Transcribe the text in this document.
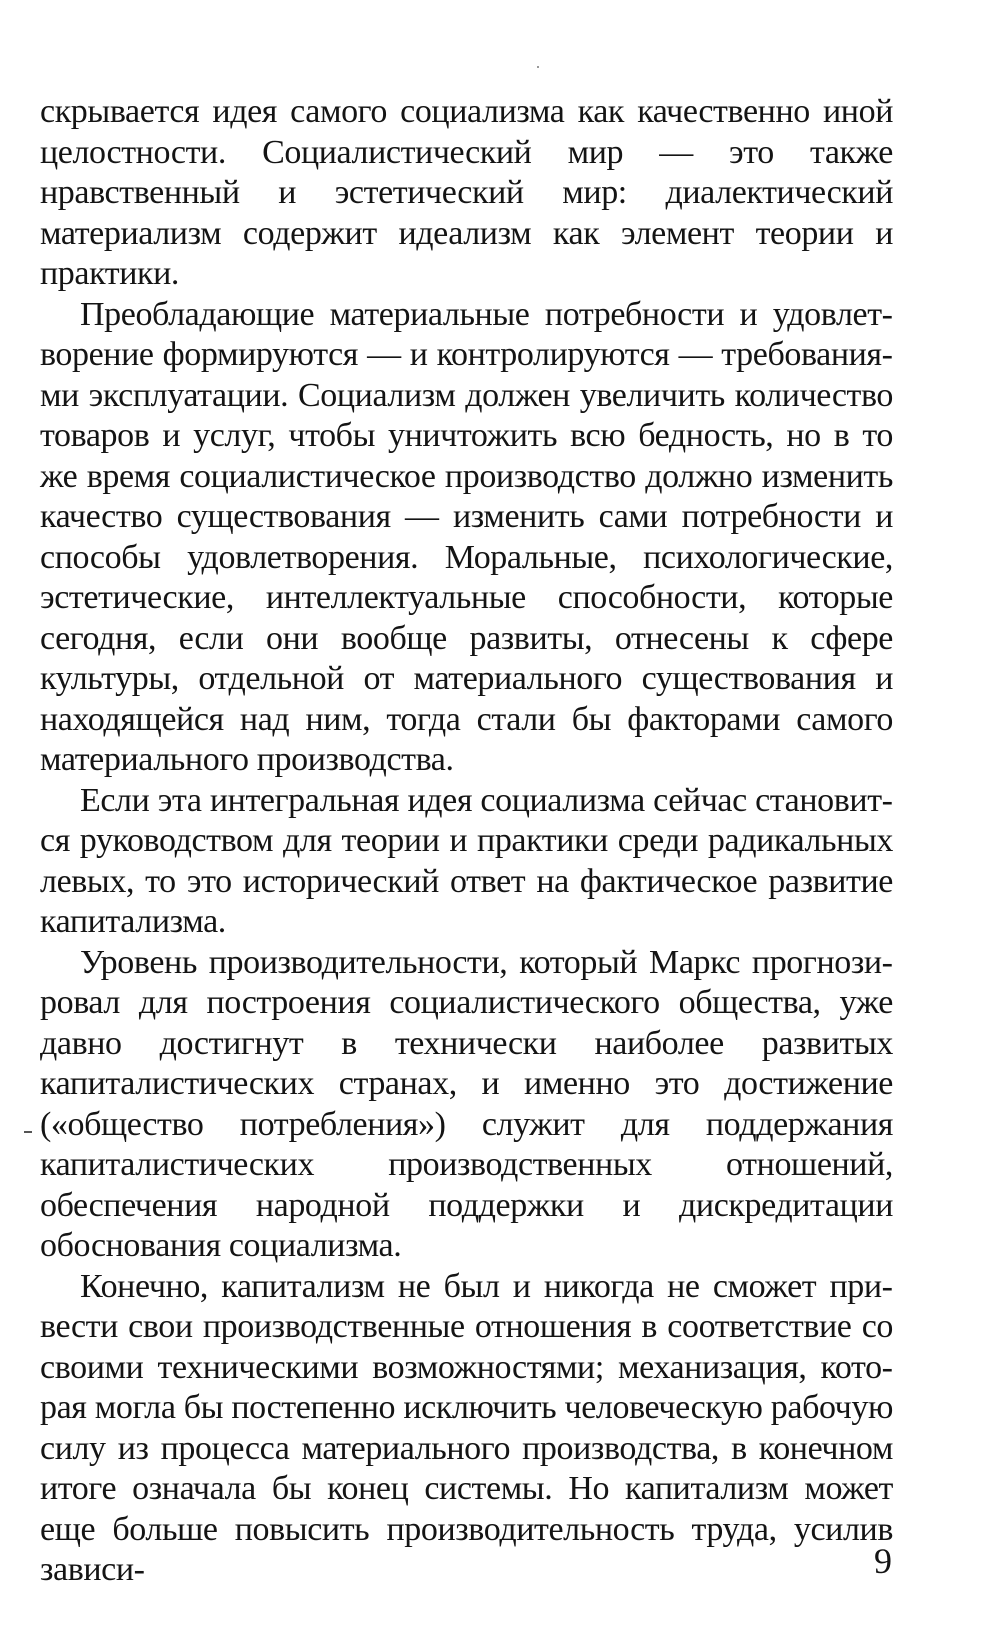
скрывается идея самого социализма как качественно иной целостности. Социалистический мир — это также нравственный и эстетический мир: диалектический материализм содержит идеализм как элемент теории и практики.

Преобладающие материальные потребности и удовлетворение формируются — и контролируются — требованиями эксплуатации. Социализм должен увеличить количество товаров и услуг, чтобы уничтожить всю бедность, но в то же время социалистическое производство должно изменить качество существования — изменить сами потребности и способы удовлетворения. Моральные, психологические, эстетические, интеллектуальные способности, которые сегодня, если они вообще развиты, отнесены к сфере культуры, отдельной от материального существования и находящейся над ним, тогда стали бы факторами самого материального производства.

Если эта интегральная идея социализма сейчас становится руководством для теории и практики среди радикальных левых, то это исторический ответ на фактическое развитие капитализма.

Уровень производительности, который Маркс прогнозировал для построения социалистического общества, уже давно достигнут в технически наиболее развитых капиталистических странах, и именно это достижение («общество потребления») служит для поддержания капиталистических производственных отношений, обеспечения народной поддержки и дискредитации обоснования социализма.

Конечно, капитализм не был и никогда не сможет привести свои производственные отношения в соответствие со своими техническими возможностями; механизация, которая могла бы постепенно исключить человеческую рабочую силу из процесса материального производства, в конечном итоге означала бы конец системы. Но капитализм может еще больше повысить производительность труда, усилив зависи-	9
